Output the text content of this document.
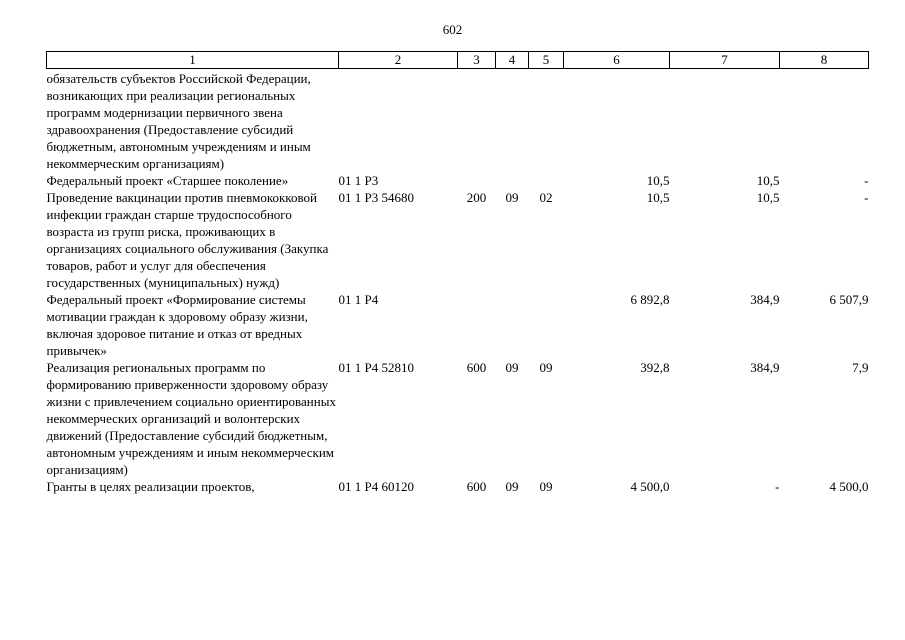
602
1	2	3	4	5	6	7	8
обязательств субъектов Российской Федерации, возникающих при реализации региональных программ модернизации первичного звена здравоохранения (Предоставление субсидий бюджетным, автономным учреждениям и иным некоммерческим организациям)							
Федеральный проект «Старшее поколение»	01 1 Р3				10,5	10,5	-
Проведение вакцинации против пневмококковой инфекции граждан старше трудоспособного возраста из групп риска, проживающих в организациях социального обслуживания (Закупка товаров, работ и услуг для обеспечения государственных (муниципальных) нужд)	01 1 Р3 54680	200	09	02	10,5	10,5	-
Федеральный проект «Формирование системы мотивации граждан к здоровому образу жизни, включая здоровое питание и отказ от вредных привычек»	01 1 Р4				6 892,8	384,9	6 507,9
Реализация региональных программ по формированию приверженности здоровому образу жизни с привлечением социально ориентированных некоммерческих организаций и волонтерских движений (Предоставление субсидий бюджетным, автономным учреждениям и иным некоммерческим организациям)	01 1 Р4 52810	600	09	09	392,8	384,9	7,9
Гранты в целях реализации проектов,	01 1 Р4 60120	600	09	09	4 500,0	-	4 500,0
